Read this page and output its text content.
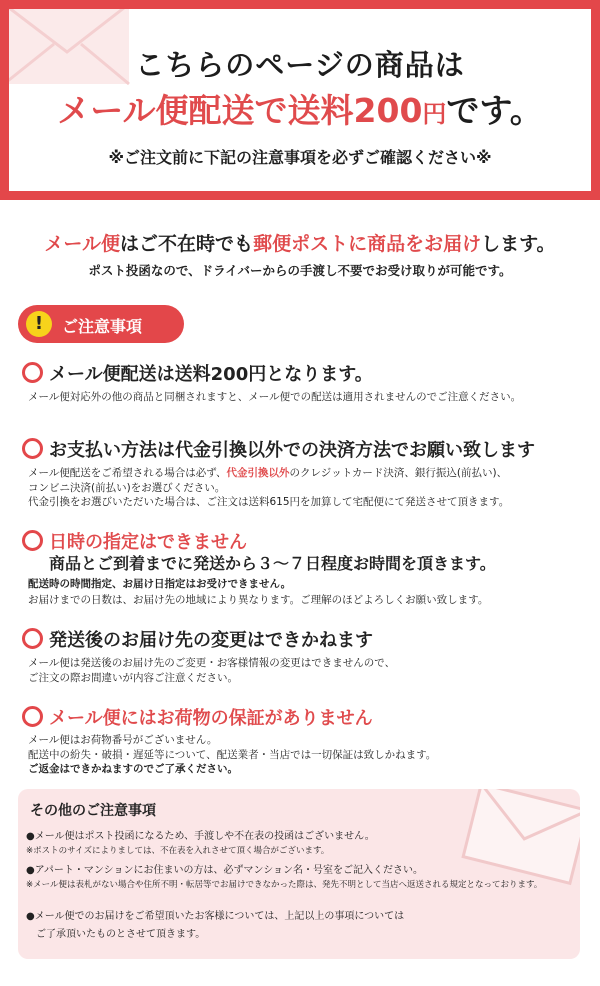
こちらのページの商品は
メール便配送で送料200円です。
※ご注文前に下記の注意事項を必ずご確認ください※
メール便はご不在時でも郵便ポストに商品をお届けします。
ポスト投函なので、ドライバーからの手渡し不要でお受け取りが可能です。
!	ご注意事項
メール便配送は送料200円となります。
メール便対応外の他の商品と同梱されますと、メール便での配送は適用されませんのでご注意ください。
お支払い方法は代金引換以外での決済方法でお願い致します
メール便配送をご希望される場合は必ず、代金引換以外のクレジットカード決済、銀行振込(前払い)、
コンビニ決済(前払い)をお選びください。
代金引換をお選びいただいた場合は、ご注文は送料615円を加算して宅配便にて発送させて頂きます。
日時の指定はできません
商品とご到着までに発送から３〜７日程度お時間を頂きます。
配送時の時間指定、お届け日指定はお受けできません。
お届けまでの日数は、お届け先の地域により異なります。ご理解のほどよろしくお願い致します。
発送後のお届け先の変更はできかねます
メール便は発送後のお届け先のご変更・お客様情報の変更はできませんので、
ご注文の際お間違いが内容ご注意ください。
メール便にはお荷物の保証がありません
メール便はお荷物番号がございません。
配送中の紛失・破損・遅延等について、配送業者・当店では一切保証は致しかねます。
ご返金はできかねますのでご了承ください。
その他のご注意事項
●メール便はポスト投函になるため、手渡しや不在表の投函はございません。
※ポストのサイズによりましては、不在表を入れさせて頂く場合がございます。
●アパート・マンションにお住まいの方は、必ずマンション名・号室をご記入ください。
※メール便は表札がない場合や住所不明・転居等でお届けできなかった際は、発先不明として当店へ返送される規定となっております。
●メール便でのお届けをご希望頂いたお客様については、上記以上の事項については
　ご了承頂いたものとさせて頂きます。
